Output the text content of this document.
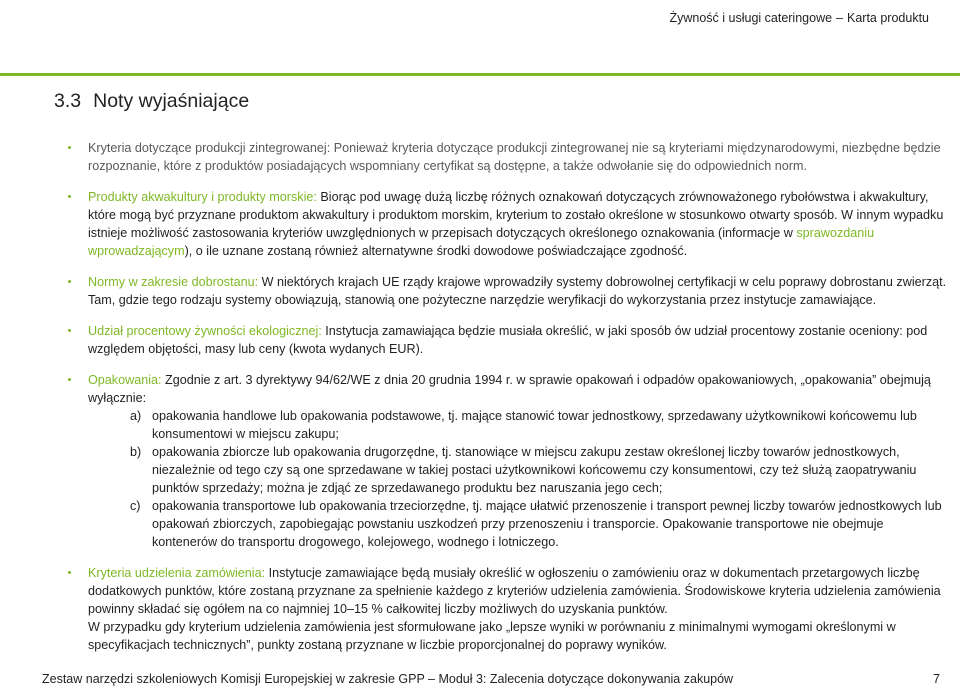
Żywność i usługi cateringowe – Karta produktu
3.3 Noty wyjaśniające
Kryteria dotyczące produkcji zintegrowanej: Ponieważ kryteria dotyczące produkcji zintegrowanej nie są kryteriami międzynarodowymi, niezbędne będzie rozpoznanie, które z produktów posiadających wspomniany certyfikat są dostępne, a także odwołanie się do odpowiednich norm.
Produkty akwakultury i produkty morskie: Biorąc pod uwagę dużą liczbę różnych oznakowań dotyczących zrównoważonego rybołówstwa i akwakultury, które mogą być przyznane produktom akwakultury i produktom morskim, kryterium to zostało określone w stosunkowo otwarty sposób. W innym wypadku istnieje możliwość zastosowania kryteriów uwzględnionych w przepisach dotyczących określonego oznakowania (informacje w sprawozdaniu wprowadzającym), o ile uznane zostaną również alternatywne środki dowodowe poświadczające zgodność.
Normy w zakresie dobrostanu: W niektórych krajach UE rządy krajowe wprowadziły systemy dobrowolnej certyfikacji w celu poprawy dobrostanu zwierząt. Tam, gdzie tego rodzaju systemy obowiązują, stanowią one pożyteczne narzędzie weryfikacji do wykorzystania przez instytucje zamawiające.
Udział procentowy żywności ekologicznej: Instytucja zamawiająca będzie musiała określić, w jaki sposób ów udział procentowy zostanie oceniony: pod względem objętości, masy lub ceny (kwota wydanych EUR).
Opakowania: Zgodnie z art. 3 dyrektywy 94/62/WE z dnia 20 grudnia 1994 r. w sprawie opakowań i odpadów opakowaniowych, „opakowania” obejmują wyłącznie:
a) opakowania handlowe lub opakowania podstawowe, tj. mające stanowić towar jednostkowy, sprzedawany użytkownikowi końcowemu lub konsumentowi w miejscu zakupu;
b) opakowania zbiorcze lub opakowania drugorzędne, tj. stanowiące w miejscu zakupu zestaw określonej liczby towarów jednostkowych, niezależnie od tego czy są one sprzedawane w takiej postaci użytkownikowi końcowemu czy konsumentowi, czy też służą zaopatrywaniu punktów sprzedaży; można je zdjąć ze sprzedawanego produktu bez naruszania jego cech;
c) opakowania transportowe lub opakowania trzeciorzędne, tj. mające ułatwić przenoszenie i transport pewnej liczby towarów jednostkowych lub opakowań zbiorczych, zapobiegając powstaniu uszkodzeń przy przenoszeniu i transporcie. Opakowanie transportowe nie obejmuje kontenerów do transportu drogowego, kolejowego, wodnego i lotniczego.
Kryteria udzielenia zamówienia: Instytucje zamawiające będą musiały określić w ogłoszeniu o zamówieniu oraz w dokumentach przetargowych liczbę dodatkowych punktów, które zostaną przyznane za spełnienie każdego z kryteriów udzielenia zamówienia. Środowiskowe kryteria udzielenia zamówienia powinny składać się ogółem na co najmniej 10–15 % całkowitej liczby możliwych do uzyskania punktów.
W przypadku gdy kryterium udzielenia zamówienia jest sformułowane jako „lepsze wyniki w porównaniu z minimalnymi wymogami określonymi w specyfikacjach technicznych”, punkty zostaną przyznane w liczbie proporcjonalnej do poprawy wyników.
Zestaw narzędzi szkoleniowych Komisji Europejskiej w zakresie GPP – Moduł 3: Zalecenia dotyczące dokonywania zakupów	7
